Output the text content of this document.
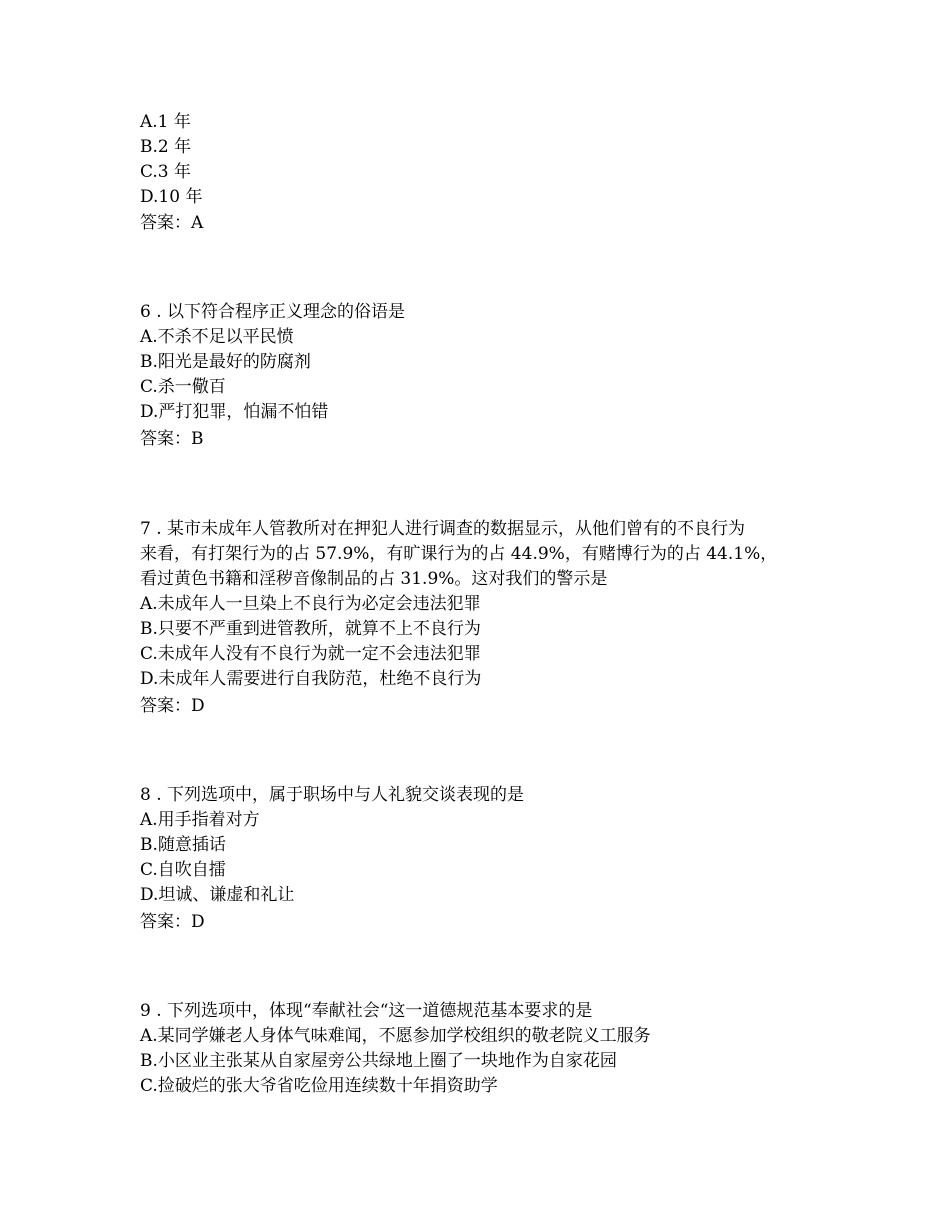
A.1 年
B.2 年
C.3 年
D.10 年
答案：A
6 . 以下符合程序正义理念的俗语是
A.不杀不足以平民愤
B.阳光是最好的防腐剂
C.杀一儆百
D.严打犯罪，怕漏不怕错
答案：B
7 . 某市未成年人管教所对在押犯人进行调查的数据显示，从他们曾有的不良行为
来看，有打架行为的占 57.9%，有旷课行为的占 44.9%，有赌博行为的占 44.1%，
看过黄色书籍和淫秽音像制品的占 31.9%。这对我们的警示是
A.未成年人一旦染上不良行为必定会违法犯罪
B.只要不严重到进管教所，就算不上不良行为
C.未成年人没有不良行为就一定不会违法犯罪
D.未成年人需要进行自我防范，杜绝不良行为
答案：D
8 . 下列选项中，属于职场中与人礼貌交谈表现的是
A.用手指着对方
B.随意插话
C.自吹自擂
D.坦诚、谦虚和礼让
答案：D
9 . 下列选项中，体现“奉献社会“这一道德规范基本要求的是
A.某同学嫌老人身体气味难闻，不愿参加学校组织的敬老院义工服务
B.小区业主张某从自家屋旁公共绿地上圈了一块地作为自家花园
C.捡破烂的张大爷省吃俭用连续数十年捐资助学
